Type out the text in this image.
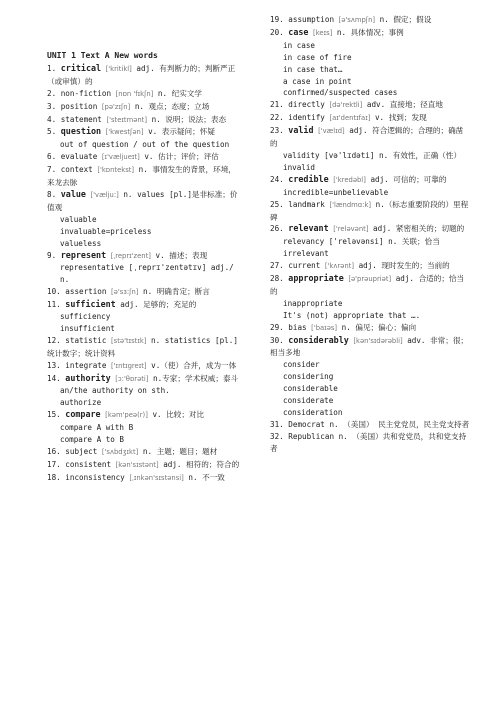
UNIT 1 Text A New words
1. critical ['kritikl] adj. 有判断力的；判断严正（或审慎）的
2. non-fiction [nɒn 'fɪkʃn] n. 纪实文学
3. position [pə'zɪʃn] n. 观点；态度；立场
4. statement ['steɪtmənt] n. 说明；说法；表态
5. question ['kwestʃən] v. 表示疑问；怀疑
out of question / out of the question
6. evaluate [ɪ'væljueɪt] v. 估计；评价；评估
7. context ['kɒntekst] n. 事情发生的背景，环境，来龙去脉
8. value ['vælju:] n. values [pl.]是非标准；价值观
valuable
invaluable=priceless
valueless
9. represent [ˌreprɪ'zent] v. 描述；表现
representative [ˌreprɪ'zentətɪv] adj./n.
10. assertion [ə'sɜ:ʃn] n. 明确肯定；断言
11. sufficient adj. 足够的；充足的
sufficiency
insufficient
12. statistic [stə'tɪstɪk] n. statistics [pl.] 统计数字；统计资料
13. integrate ['ɪntɪgreɪt] v.（使）合并，成为一体
14. authority [ɔ:'θɒrəti] n.专家；学术权威；泰斗
an/the authority on sth.
authorize
15. compare [kəm'peə(r)] v. 比较；对比
compare A with B
compare A to B
16. subject ['sʌbdʒɪkt] n. 主题；题目；题材
17. consistent [kən'sɪstənt] adj. 相符的；符合的
18. inconsistency [ˌɪnkən'sɪstənsi] n. 不一致
19. assumption [ə'sʌmpʃn] n. 假定；假设
20. case [keɪs] n. 具体情况；事例
in case
in case of fire
in case that…
a case in point
confirmed/suspected cases
21. directly [də'rektli] adv. 直接地；径直地
22. identify [aɪ'dentɪfaɪ] v. 找到；发现
23. valid ['vælɪd] adj. 符合逻辑的；合理的；确凿的
validity [və'lɪdəti] n. 有效性，正确（性）
invalid
24. credible ['kredəbl] adj. 可信的；可靠的
incredible=unbelievable
25. landmark ['lændmɑ:k] n.（标志重要阶段的）里程碑
26. relevant ['reləvənt] adj. 紧密相关的；切题的
relevancy ['reləvənsi] n. 关联；恰当
irrelevant
27. current ['kʌrənt] adj. 现时发生的；当前的
28. appropriate [ə'prəupriət] adj. 合适的；恰当的
inappropriate
It's (not) appropriate that ….
29. bias ['baɪəs] n. 偏见；偏心；偏向
30. considerably [kən'sɪdərəbli] adv. 非常；很；相当多地
consider
considering
considerable
considerate
consideration
31. Democrat n. （美国） 民主党党员，民主党支持者
32. Republican n. （美国）共和党党员，共和党支持者
